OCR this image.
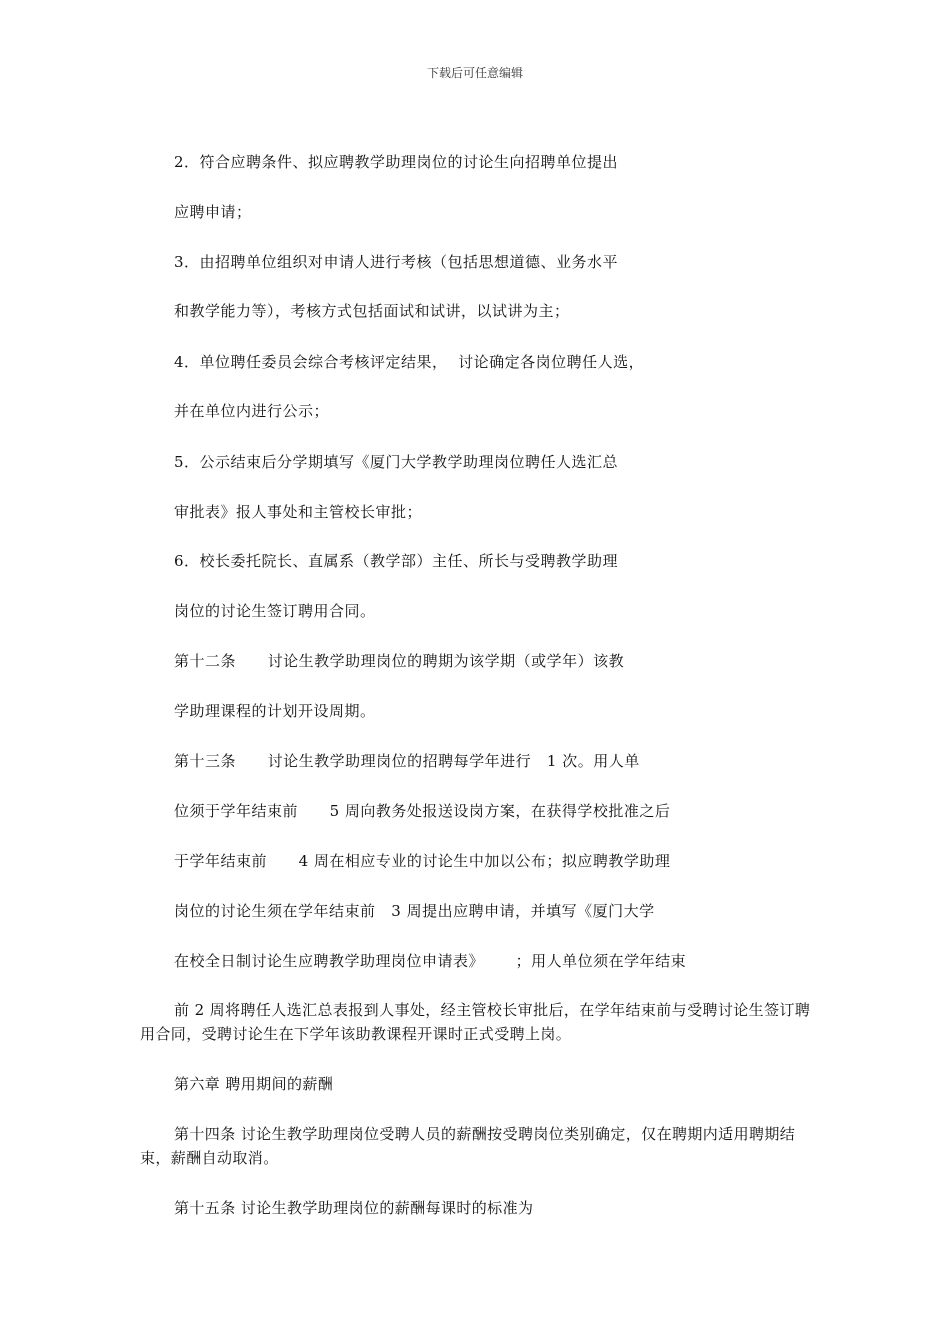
下载后可任意编辑
2．符合应聘条件、拟应聘教学助理岗位的讨论生向招聘单位提出
应聘申请；
3．由招聘单位组织对申请人进行考核（包括思想道德、业务水平
和教学能力等），考核方式包括面试和试讲，以试讲为主；
4．单位聘任委员会综合考核评定结果，  讨论确定各岗位聘任人选，
并在单位内进行公示；
5．公示结束后分学期填写《厦门大学教学助理岗位聘任人选汇总
审批表》报人事处和主管校长审批；
6．校长委托院长、直属系（教学部）主任、所长与受聘教学助理
岗位的讨论生签订聘用合同。
第十二条      讨论生教学助理岗位的聘期为该学期（或学年）该教
学助理课程的计划开设周期。
第十三条      讨论生教学助理岗位的招聘每学年进行   1 次。用人单
位须于学年结束前      5 周向教务处报送设岗方案，在获得学校批准之后
于学年结束前      4 周在相应专业的讨论生中加以公布；拟应聘教学助理
岗位的讨论生须在学年结束前   3 周提出应聘申请，并填写《厦门大学
在校全日制讨论生应聘教学助理岗位申请表》      ；用人单位须在学年结束
前 2 周将聘任人选汇总表报到人事处，经主管校长审批后，在学年结束前与受聘讨论生签订聘用合同，受聘讨论生在下学年该助教课程开课时正式受聘上岗。
第六章 聘用期间的薪酬
第十四条 讨论生教学助理岗位受聘人员的薪酬按受聘岗位类别确定，仅在聘期内适用聘期结束，薪酬自动取消。
第十五条 讨论生教学助理岗位的薪酬每课时的标准为
